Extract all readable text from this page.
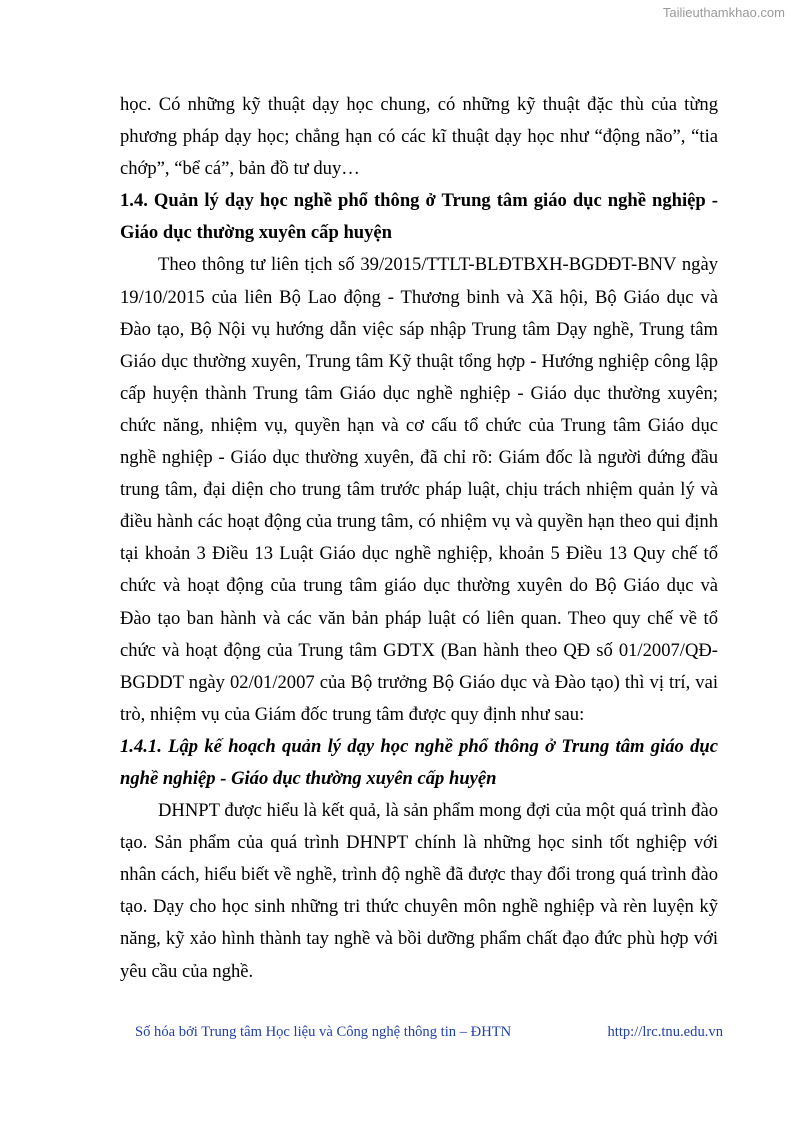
Tailieuthamkhao.com

học. Có những kỹ thuật dạy học chung, có những kỹ thuật đặc thù của từng phương pháp dạy học; chẳng hạn có các kĩ thuật dạy học như “động não”, “tia chớp”, “bể cá”, bản đồ tư duy…

1.4. Quản lý dạy học nghề phổ thông ở Trung tâm giáo dục nghề nghiệp - Giáo dục thường xuyên cấp huyện

Theo thông tư liên tịch số 39/2015/TTLT-BLĐTBXH-BGDĐT-BNV ngày 19/10/2015 của liên Bộ Lao động - Thương binh và Xã hội, Bộ Giáo dục và Đào tạo, Bộ Nội vụ hướng dẫn việc sáp nhập Trung tâm Dạy nghề, Trung tâm Giáo dục thường xuyên, Trung tâm Kỹ thuật tổng hợp - Hướng nghiệp công lập cấp huyện thành Trung tâm Giáo dục nghề nghiệp - Giáo dục thường xuyên; chức năng, nhiệm vụ, quyền hạn và cơ cấu tổ chức của Trung tâm Giáo dục nghề nghiệp - Giáo dục thường xuyên, đã chỉ rõ: Giám đốc là người đứng đầu trung tâm, đại diện cho trung tâm trước pháp luật, chịu trách nhiệm quản lý và điều hành các hoạt động của trung tâm, có nhiệm vụ và quyền hạn theo qui định tại khoản 3 Điều 13 Luật Giáo dục nghề nghiệp, khoản 5 Điều 13 Quy chế tổ chức và hoạt động của trung tâm giáo dục thường xuyên do Bộ Giáo dục và Đào tạo ban hành và các văn bản pháp luật có liên quan. Theo quy chế về tổ chức và hoạt động của Trung tâm GDTX (Ban hành theo QĐ số 01/2007/QĐ-BGDDT ngày 02/01/2007 của Bộ trưởng Bộ Giáo dục và Đào tạo) thì vị trí, vai trò, nhiệm vụ của Giám đốc trung tâm được quy định như sau:

1.4.1. Lập kế hoạch quản lý dạy học nghề phổ thông ở Trung tâm giáo dục nghề nghiệp - Giáo dục thường xuyên cấp huyện

DHNPT được hiểu là kết quả, là sản phẩm mong đợi của một quá trình đào tạo. Sản phẩm của quá trình DHNPT chính là những học sinh tốt nghiệp với nhân cách, hiểu biết về nghề, trình độ nghề đã được thay đổi trong quá trình đào tạo. Dạy cho học sinh những tri thức chuyên môn nghề nghiệp và rèn luyện kỹ năng, kỹ xảo hình thành tay nghề và bồi dưỡng phẩm chất đạo đức phù hợp với yêu cầu của nghề.

Số hóa bởi Trung tâm Học liệu và Công nghệ thông tin – ĐHTN	http://lrc.tnu.edu.vn
